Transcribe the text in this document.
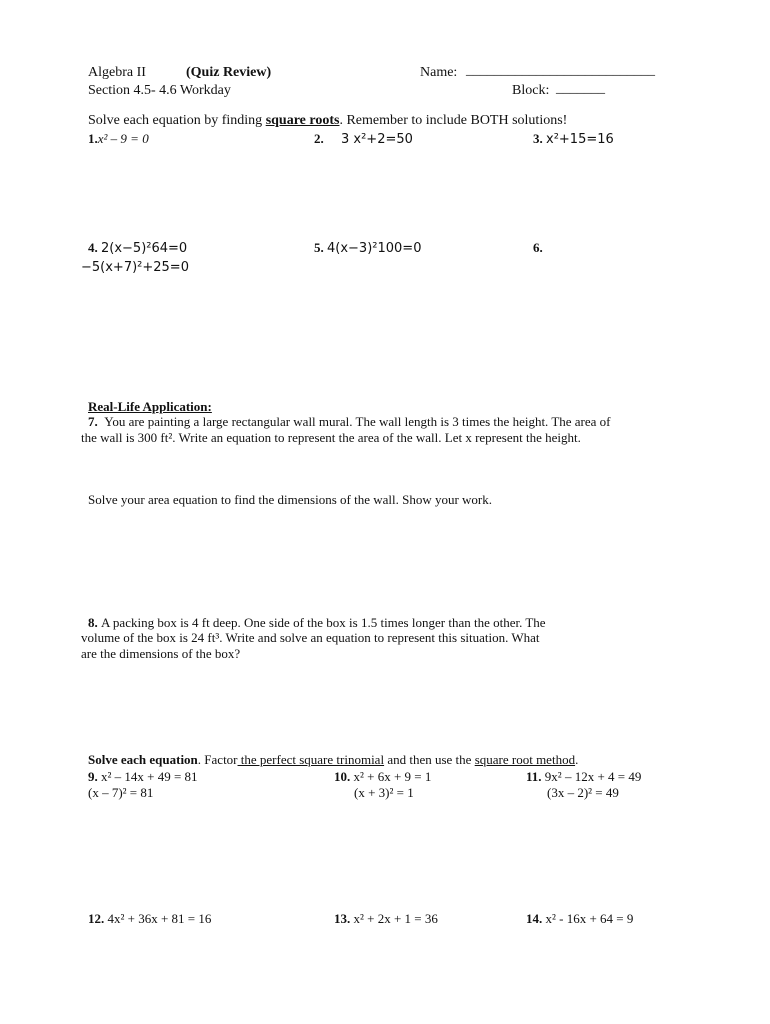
Algebra II	(Quiz Review)	Name: ___________________________
Section 4.5- 4.6 Workday	Block: _______
Solve each equation by finding square roots. Remember to include BOTH solutions!
1.x² – 9 = 0	2. 3 x²+2=50	3. x²+15=16
4. 2(x−5)²64=0	5. 4(x−3)²100=0	6.
−5(x+7)²+25=0
Real-Life Application:
7. You are painting a large rectangular wall mural. The wall length is 3 times the height. The area of
the wall is 300 ft². Write an equation to represent the area of the wall. Let x represent the height.
Solve your area equation to find the dimensions of the wall. Show your work.
8. A packing box is 4 ft deep. One side of the box is 1.5 times longer than the other. The
volume of the box is 24 ft³. Write and solve an equation to represent this situation. What
are the dimensions of the box?
Solve each equation. Factor the perfect square trinomial and then use the square root method.
9. x² – 14x + 49 = 81
(x – 7)² = 81
10. x² + 6x + 9 = 1
(x + 3)² = 1
11. 9x² – 12x + 4 = 49
(3x – 2)² = 49
12. 4x² + 36x + 81 = 16	13. x² + 2x + 1 = 36	14. x² - 16x + 64 = 9
